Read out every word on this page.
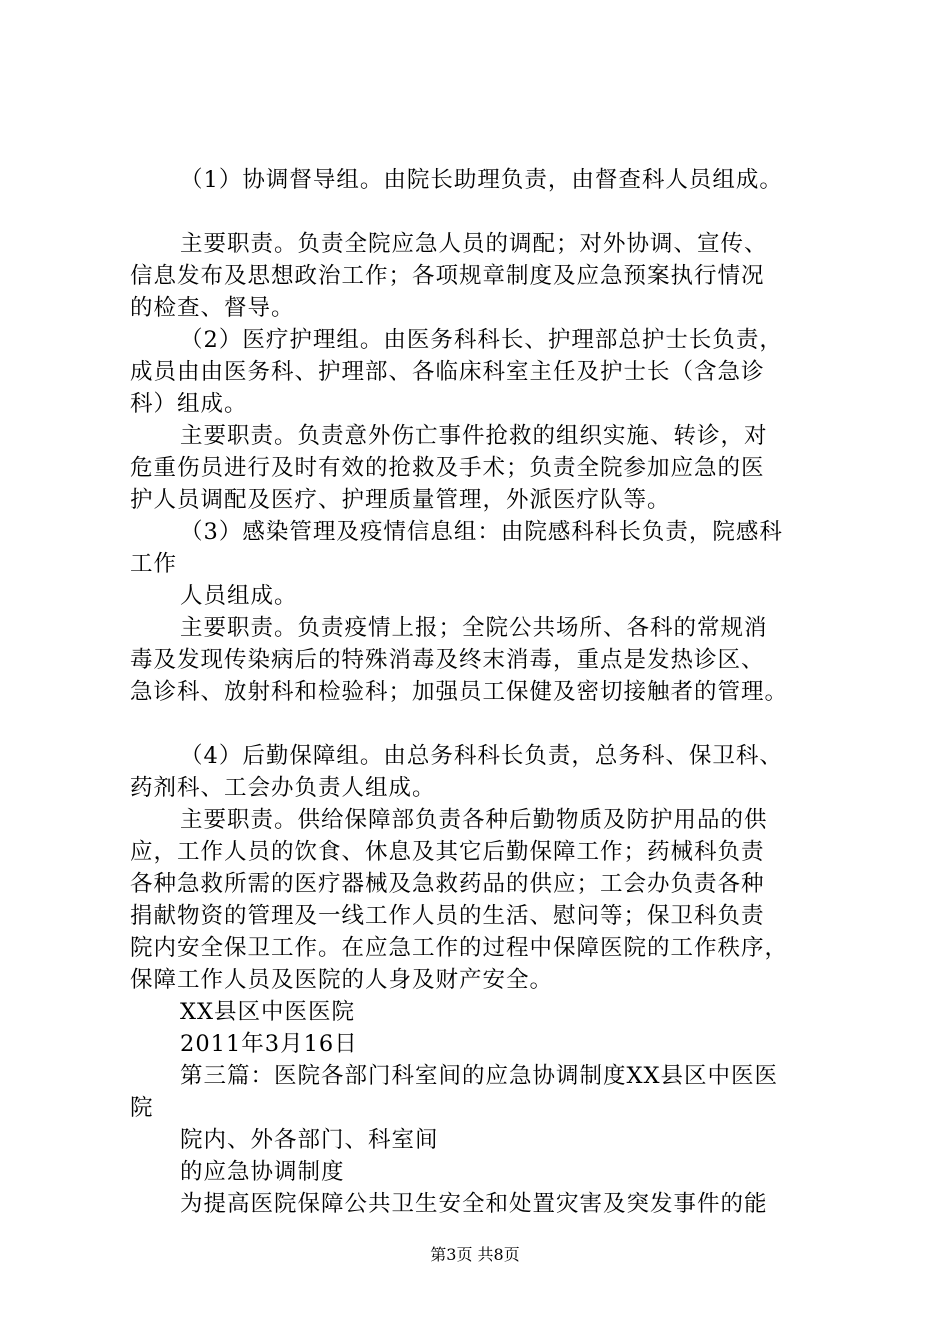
（1）协调督导组。由院长助理负责，由督查科人员组成。
主要职责。负责全院应急人员的调配；对外协调、宣传、
信息发布及思想政治工作；各项规章制度及应急预案执行情况
的检查、督导。
（2）医疗护理组。由医务科科长、护理部总护士长负责，
成员由由医务科、护理部、各临床科室主任及护士长（含急诊
科）组成。
主要职责。负责意外伤亡事件抢救的组织实施、转诊，对
危重伤员进行及时有效的抢救及手术；负责全院参加应急的医
护人员调配及医疗、护理质量管理，外派医疗队等。
（3）感染管理及疫情信息组：由院感科科长负责，院感科
工作
人员组成。
主要职责。负责疫情上报；全院公共场所、各科的常规消
毒及发现传染病后的特殊消毒及终末消毒，重点是发热诊区、
急诊科、放射科和检验科；加强员工保健及密切接触者的管理。
（4）后勤保障组。由总务科科长负责，总务科、保卫科、
药剂科、工会办负责人组成。
主要职责。供给保障部负责各种后勤物质及防护用品的供
应，工作人员的饮食、休息及其它后勤保障工作；药械科负责
各种急救所需的医疗器械及急救药品的供应；工会办负责各种
捐献物资的管理及一线工作人员的生活、慰问等；保卫科负责
院内安全保卫工作。在应急工作的过程中保障医院的工作秩序，
保障工作人员及医院的人身及财产安全。
XX县区中医医院
2011年3月16日
第三篇：医院各部门科室间的应急协调制度XX县区中医医
院
院内、外各部门、科室间
的应急协调制度
为提高医院保障公共卫生安全和处置灾害及突发事件的能
第3页 共8页
